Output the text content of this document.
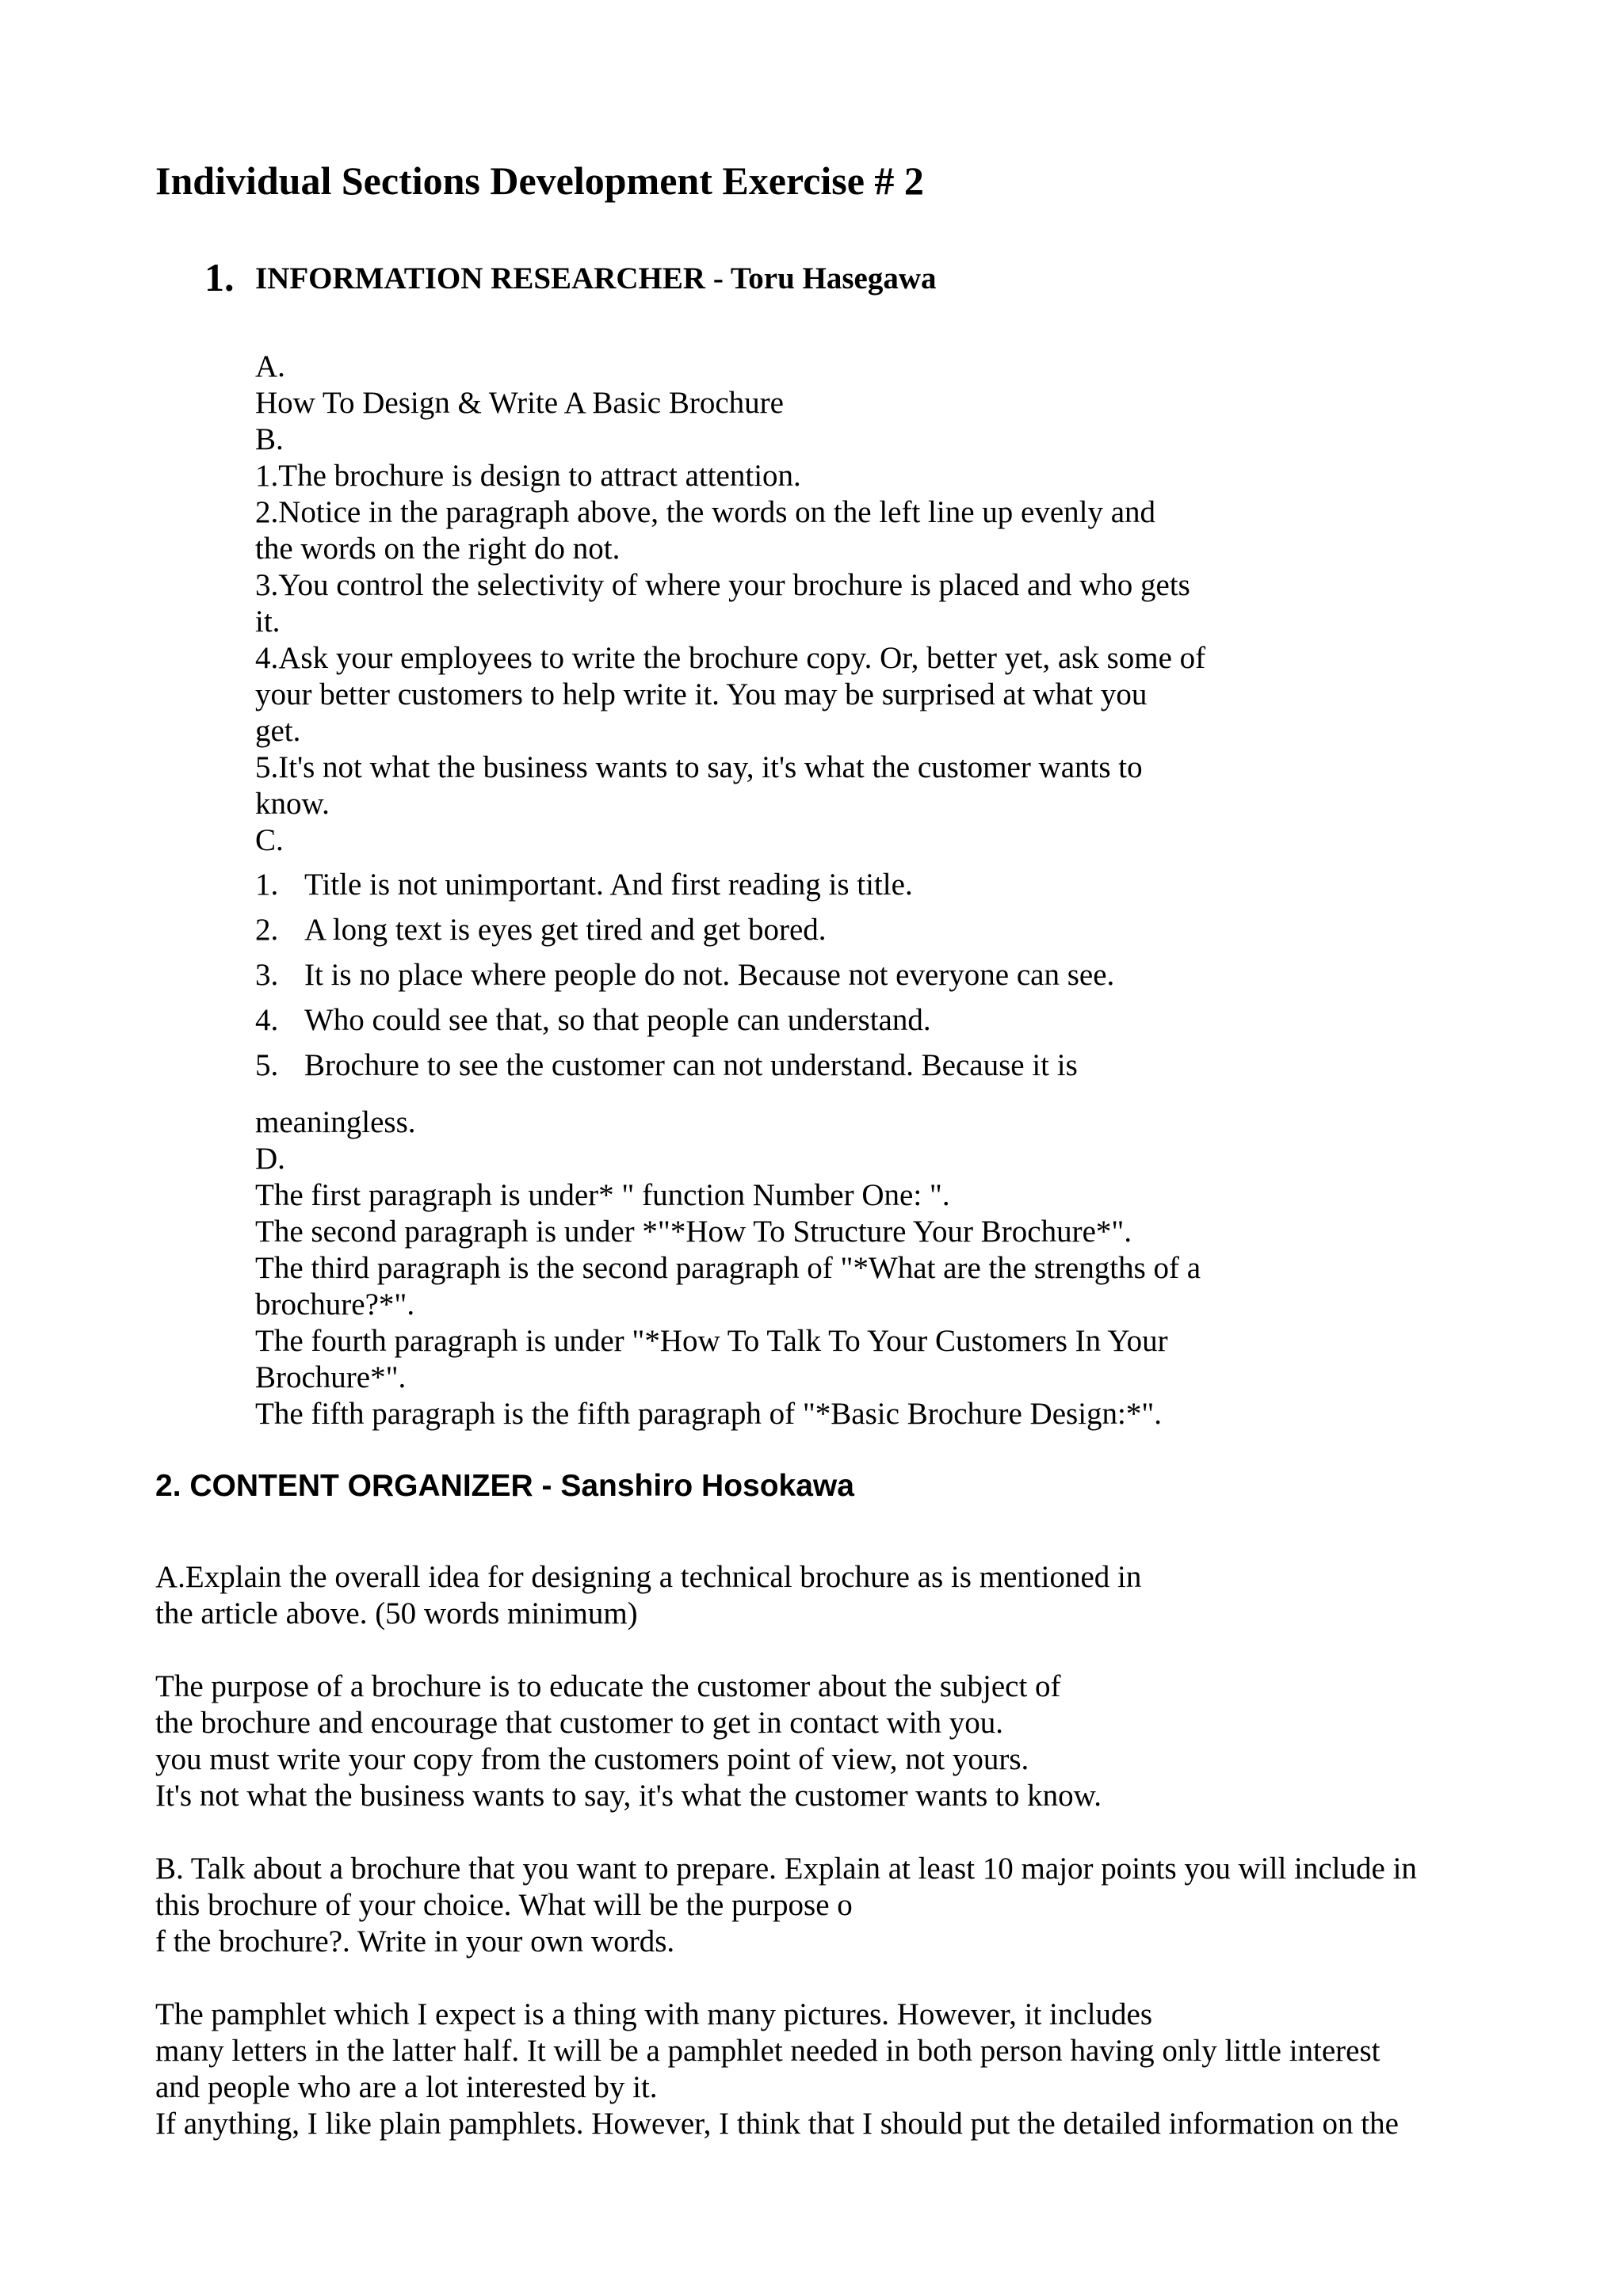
Individual Sections Development Exercise # 2
1. INFORMATION RESEARCHER - Toru Hasegawa
A.
How To Design & Write A Basic Brochure
B.
1.The brochure is design to attract attention.
2.Notice in the paragraph above, the words on the left line up evenly and
the words on the right do not.
3.You control the selectivity of where your brochure is placed and who gets
it.
4.Ask your employees to write the brochure copy. Or, better yet, ask some of
your better customers to help write it. You may be surprised at what you
get.
5.It's not what the business wants to say, it's what the customer wants to
know.
C.
1. Title is not unimportant. And first reading is title.
2. A long text is eyes get tired and get bored.
3. It is no place where people do not. Because not everyone can see.
4. Who could see that, so that people can understand.
5. Brochure to see the customer can not understand. Because it is
meaningless.
D.
The first paragraph is under* " function Number One: ".
The second paragraph is under *"*How To Structure Your Brochure*".
The third paragraph is the second paragraph of "*What are the strengths of a
brochure?*".
The fourth paragraph is under "*How To Talk To Your Customers In Your
Brochure*".
The fifth paragraph is the fifth paragraph of "*Basic Brochure Design:*".
2. CONTENT ORGANIZER - Sanshiro Hosokawa
A.Explain the overall idea for designing a technical brochure as is mentioned in
the article above. (50 words minimum)
The purpose of a brochure is to educate the customer about the subject of
the brochure and encourage that customer to get in contact with you.
you must write your copy from the customers point of view, not yours.
It's not what the business wants to say, it's what the customer wants to know.
B. Talk about a brochure that you want to prepare. Explain at least 10 major points you will include in
this brochure of your choice. What will be the purpose o
f the brochure?. Write in your own words.
The pamphlet which I expect is a thing with many pictures. However, it includes
many letters in the latter half. It will be a pamphlet needed in both person having only little interest
and people who are a lot interested by it.
If anything, I like plain pamphlets. However, I think that I should put the detailed information on the
